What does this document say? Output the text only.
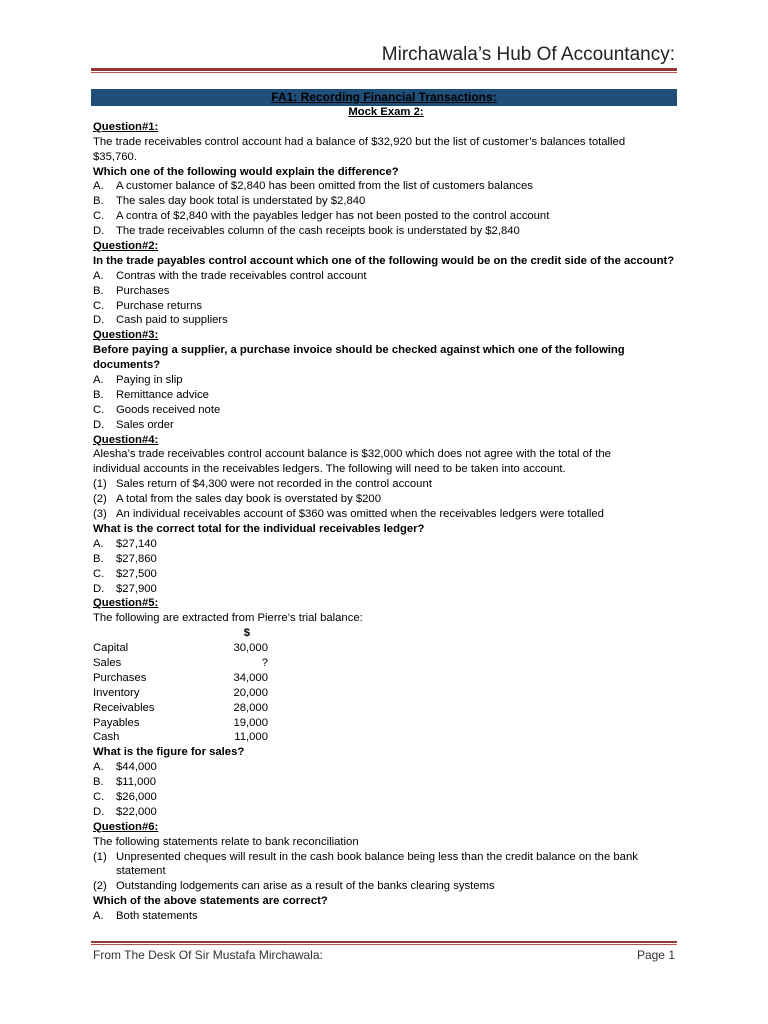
Mirchawala’s Hub Of Accountancy:
FA1: Recording Financial Transactions:
Mock Exam 2:
Question#1:
The trade receivables control account had a balance of $32,920 but the list of customer’s balances totalled
$35,760.
Which one of the following would explain the difference?
A.	A customer balance of $2,840 has been omitted from the list of customers balances
B.	The sales day book total is understated by $2,840
C.	A contra of $2,840 with the payables ledger has not been posted to the control account
D.	The trade receivables column of the cash receipts book is understated by $2,840
Question#2:
In the trade payables control account which one of the following would be on the credit side of the account?
A.	Contras with the trade receivables control account
B.	Purchases
C.	Purchase returns
D.	Cash paid to suppliers
Question#3:
Before paying a supplier, a purchase invoice should be checked against which one of the following
documents?
A.	Paying in slip
B.	Remittance advice
C.	Goods received note
D.	Sales order
Question#4:
Alesha’s trade receivables control account balance is $32,000 which does not agree with the total of the
individual accounts in the receivables ledgers. The following will need to be taken into account.
(1) Sales return of $4,300 were not recorded in the control account
(2) A total from the sales day book is overstated by $200
(3) An individual receivables account of $360 was omitted when the receivables ledgers were totalled
What is the correct total for the individual receivables ledger?
A.	$27,140
B.	$27,860
C.	$27,500
D.	$27,900
Question#5:
The following are extracted from Pierre’s trial balance:
$
Capital	30,000
Sales	?
Purchases	34,000
Inventory	20,000
Receivables	28,000
Payables	19,000
Cash	11,000
What is the figure for sales?
A.	$44,000
B.	$11,000
C.	$26,000
D.	$22,000
Question#6:
The following statements relate to bank reconciliation
(1) Unpresented cheques will result in the cash book balance being less than the credit balance on the bank
statement
(2) Outstanding lodgements can arise as a result of the banks clearing systems
Which of the above statements are correct?
A.	Both statements
From The Desk Of Sir Mustafa Mirchawala:	Page 1
